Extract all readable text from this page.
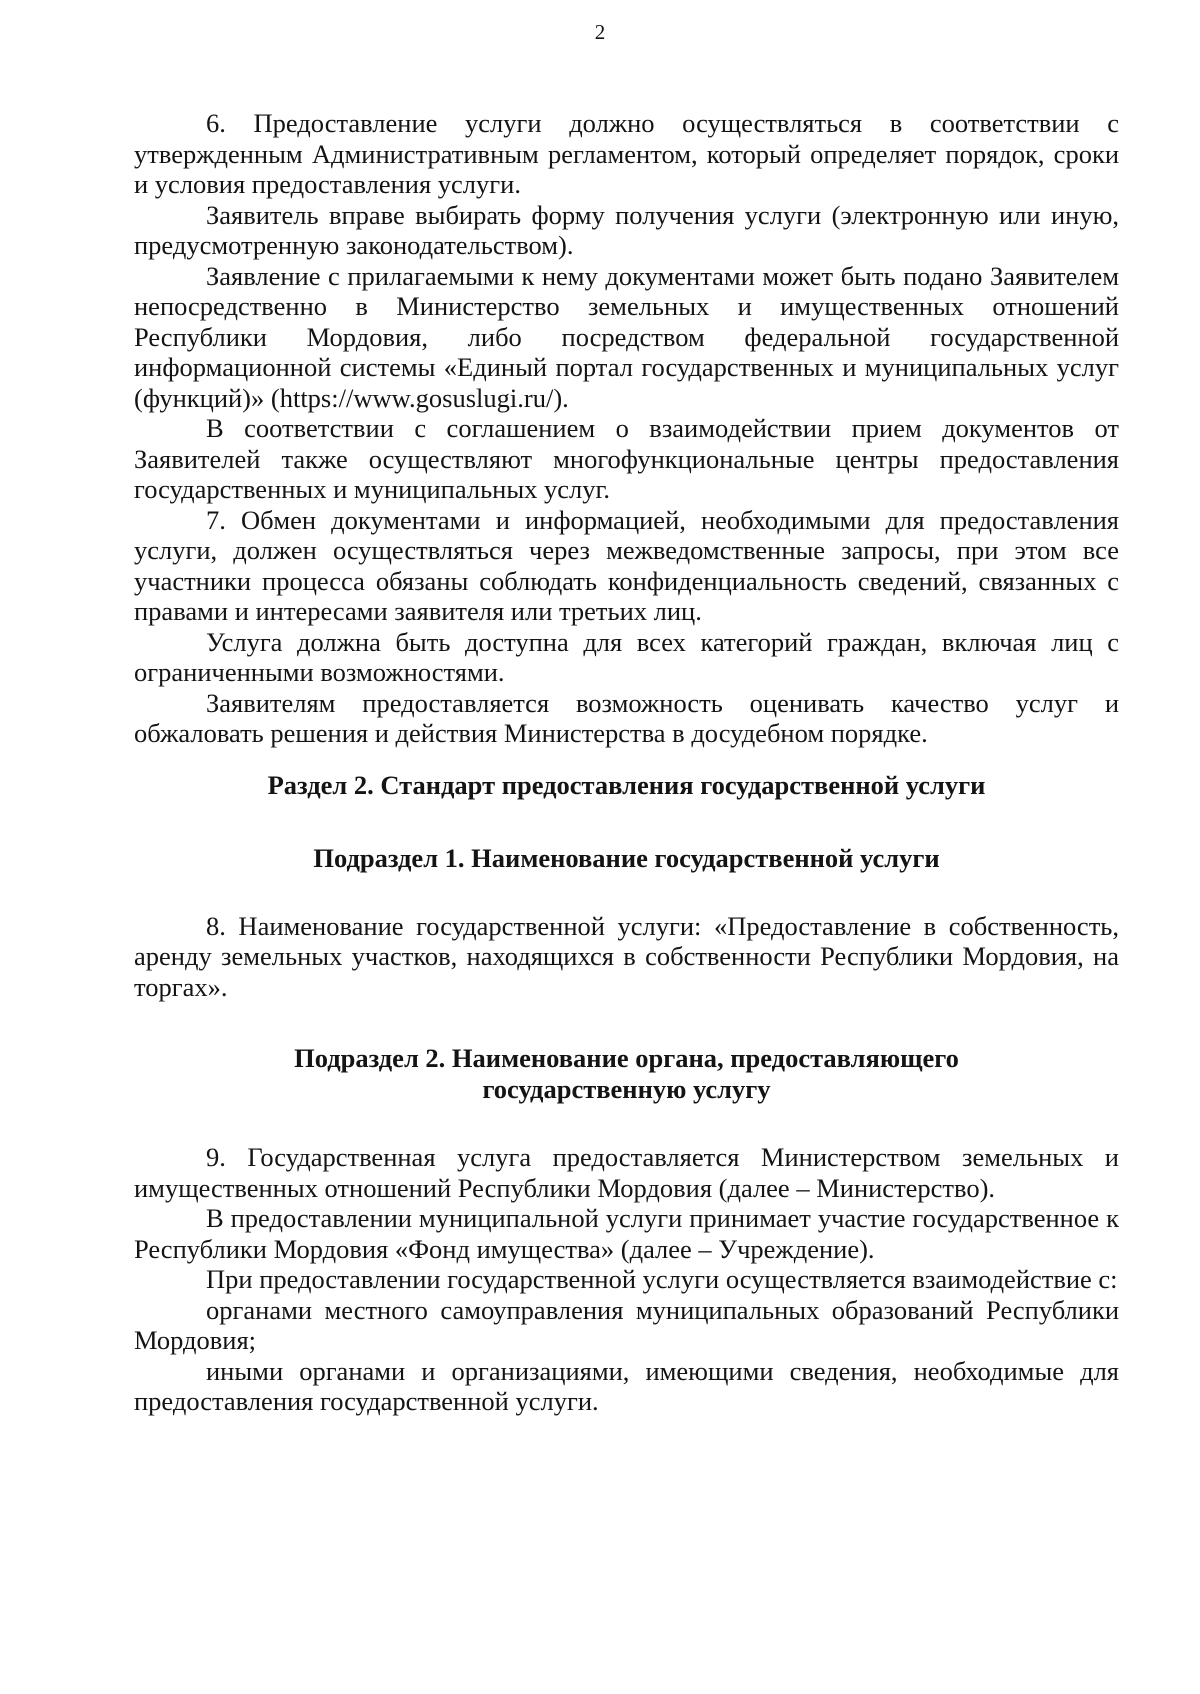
2

6. Предоставление услуги должно осуществляться в соответствии с утвержденным Административным регламентом, который определяет порядок, сроки и условия предоставления услуги.

Заявитель вправе выбирать форму получения услуги (электронную или иную, предусмотренную законодательством).

Заявление с прилагаемыми к нему документами может быть подано Заявителем непосредственно в Министерство земельных и имущественных отношений Республики Мордовия, либо посредством федеральной государственной информационной системы «Единый портал государственных и муниципальных услуг (функций)» (https://www.gosuslugi.ru/).

В соответствии с соглашением о взаимодействии прием документов от Заявителей также осуществляют многофункциональные центры предоставления государственных и муниципальных услуг.

7. Обмен документами и информацией, необходимыми для предоставления услуги, должен осуществляться через межведомственные запросы, при этом все участники процесса обязаны соблюдать конфиденциальность сведений, связанных с правами и интересами заявителя или третьих лиц.

Услуга должна быть доступна для всех категорий граждан, включая лиц с ограниченными возможностями.

Заявителям предоставляется возможность оценивать качество услуг и обжаловать решения и действия Министерства в досудебном порядке.

Раздел 2. Стандарт предоставления государственной услуги

Подраздел 1. Наименование государственной услуги

8. Наименование государственной услуги: «Предоставление в собственность, аренду земельных участков, находящихся в собственности Республики Мордовия, на торгах».

Подраздел 2. Наименование органа, предоставляющего

государственную услугу

9. Государственная услуга предоставляется Министерством земельных и имущественных отношений Республики Мордовия (далее – Министерство).

В предоставлении муниципальной услуги принимает участие государственное к Республики Мордовия «Фонд имущества» (далее – Учреждение).

При предоставлении государственной услуги осуществляется взаимодействие с:

органами местного самоуправления муниципальных образований Республики Мордовия;

иными органами и организациями, имеющими сведения, необходимые для предоставления государственной услуги.
